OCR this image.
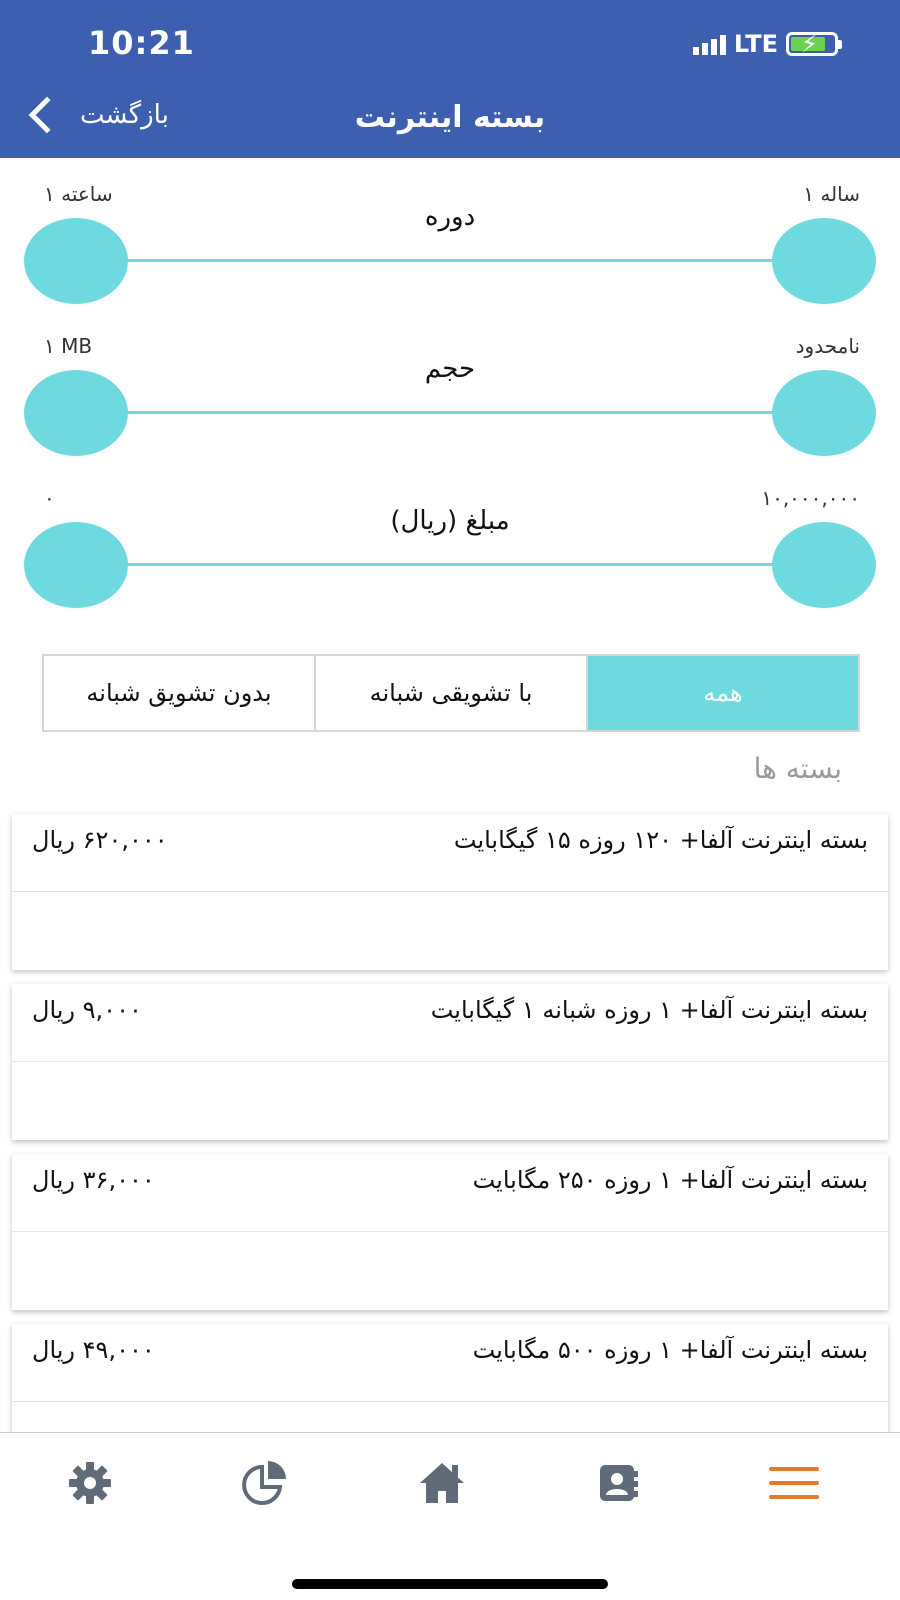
10:21	LTE ⚡
بازگشت	بسته اینترنت
۱ ساعته	۱ ساله
دوره
۱ MB	نامحدود
حجم
۰	۱۰,۰۰۰,۰۰۰
مبلغ (ریال)
بدون تشویق شبانه	با تشویقی شبانه	همه
بسته ها
بسته اینترنت آلفا+ ۱۲۰ روزه ۱۵ گیگابایت
۶۲۰,۰۰۰ ریال
بسته اینترنت آلفا+ ۱ روزه شبانه ۱ گیگابایت
۹,۰۰۰ ریال
بسته اینترنت آلفا+ ۱ روزه ۲۵۰ مگابایت
۳۶,۰۰۰ ریال
بسته اینترنت آلفا+ ۱ روزه ۵۰۰ مگابایت
۴۹,۰۰۰ ریال
